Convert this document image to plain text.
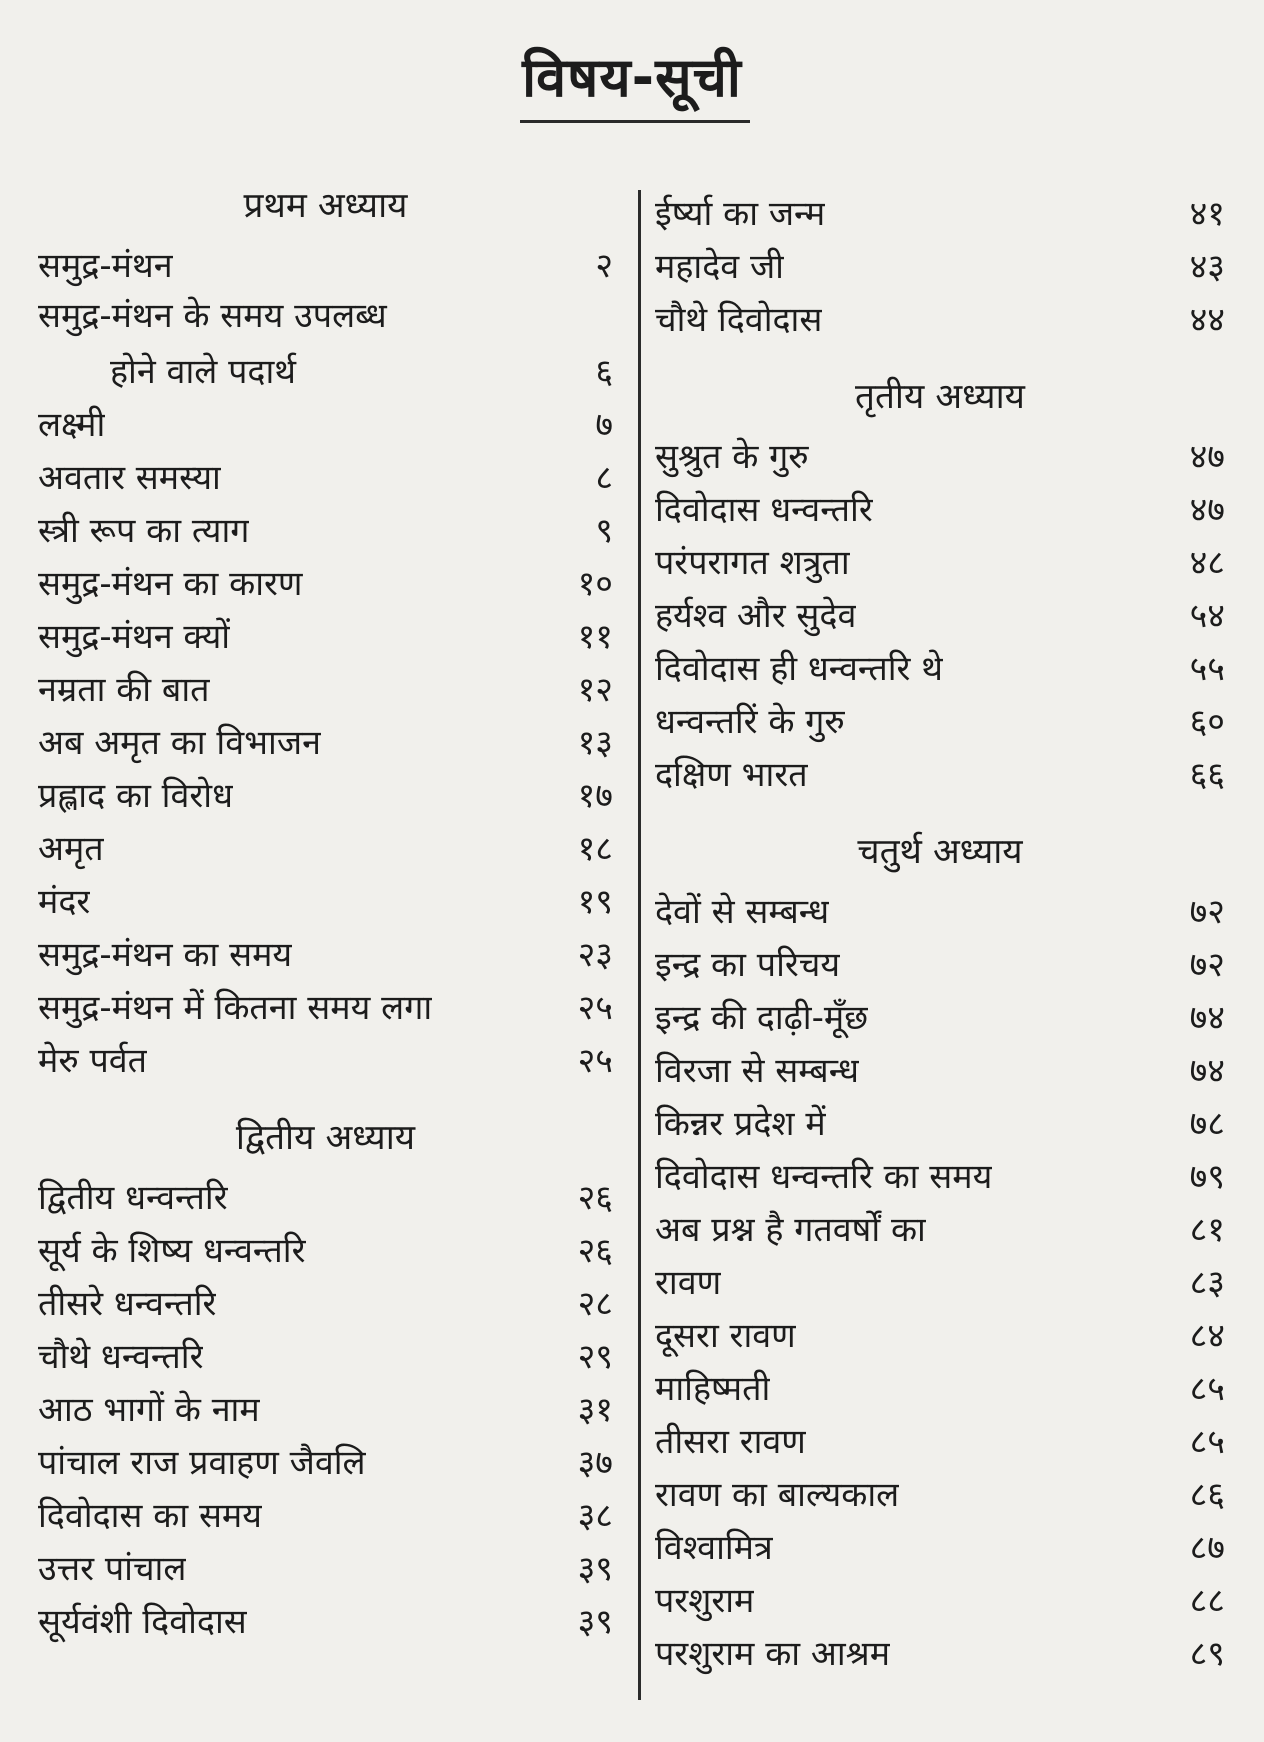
विषय-सूची
प्रथम अध्याय
समुद्र-मंथन	२
समुद्र-मंथन के समय उपलब्ध
होने वाले पदार्थ	६
लक्ष्मी	७
अवतार समस्या	८
स्त्री रूप का त्याग	९
समुद्र-मंथन का कारण	१०
समुद्र-मंथन क्यों	११
नम्रता की बात	१२
अब अमृत का विभाजन	१३
प्रह्लाद का विरोध	१७
अमृत	१८
मंदर	१९
समुद्र-मंथन का समय	२३
समुद्र-मंथन में कितना समय लगा	२५
मेरु पर्वत	२५
द्वितीय अध्याय
द्वितीय धन्वन्तरि	२६
सूर्य के शिष्य धन्वन्तरि	२६
तीसरे धन्वन्तरि	२८
चौथे धन्वन्तरि	२९
आठ भागों के नाम	३१
पांचाल राज प्रवाहण जैवलि	३७
दिवोदास का समय	३८
उत्तर पांचाल	३९
सूर्यवंशी दिवोदास	३९
ईर्ष्या का जन्म	४१
महादेव जी	४३
चौथे दिवोदास	४४
तृतीय अध्याय
सुश्रुत के गुरु	४७
दिवोदास धन्वन्तरि	४७
परंपरागत शत्रुता	४८
हर्यश्व और सुदेव	५४
दिवोदास ही धन्वन्तरि थे	५५
धन्वन्तरिं के गुरु	६०
दक्षिण भारत	६६
चतुर्थ अध्याय
देवों से सम्बन्ध	७२
इन्द्र का परिचय	७२
इन्द्र की दाढ़ी-मूँछ	७४
विरजा से सम्बन्ध	७४
किन्नर प्रदेश में	७८
दिवोदास धन्वन्तरि का समय	७९
अब प्रश्न है गतवर्षों का	८१
रावण	८३
दूसरा रावण	८४
माहिष्मती	८५
तीसरा रावण	८५
रावण का बाल्यकाल	८६
विश्वामित्र	८७
परशुराम	८८
परशुराम का आश्रम	८९
